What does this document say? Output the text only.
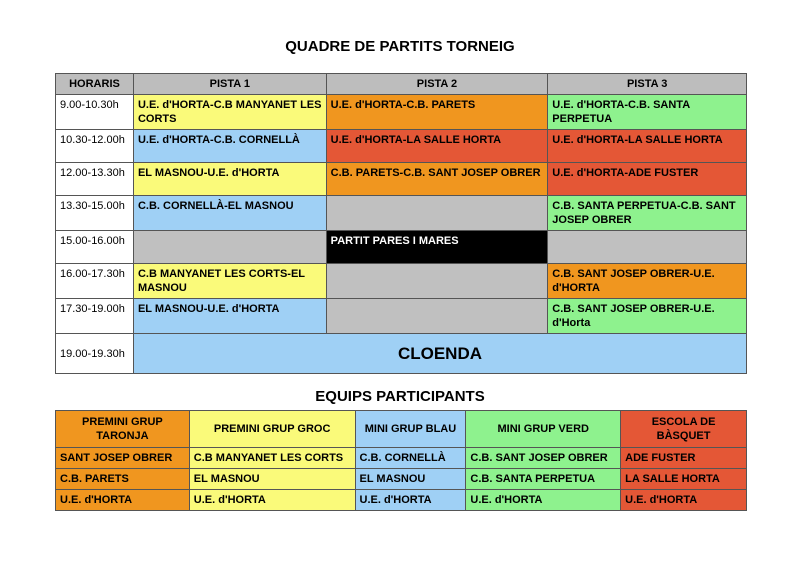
QUADRE DE PARTITS TORNEIG
HORARIS	PISTA 1	PISTA 2	PISTA 3
9.00-10.30h	U.E. d'HORTA-C.B MANYANET LES CORTS	U.E. d'HORTA-C.B. PARETS	U.E. d'HORTA-C.B. SANTA PERPETUA
10.30-12.00h	U.E. d'HORTA-C.B. CORNELLÀ	U.E. d'HORTA-LA SALLE HORTA	U.E. d'HORTA-LA SALLE HORTA
12.00-13.30h	EL MASNOU-U.E. d'HORTA	C.B. PARETS-C.B. SANT JOSEP OBRER	U.E. d'HORTA-ADE FUSTER
13.30-15.00h	C.B. CORNELLÀ-EL MASNOU		C.B. SANTA PERPETUA-C.B. SANT JOSEP OBRER
15.00-16.00h		PARTIT PARES I MARES	
16.00-17.30h	C.B MANYANET LES CORTS-EL MASNOU		C.B. SANT JOSEP OBRER-U.E. d'HORTA
17.30-19.00h	EL MASNOU-U.E. d'HORTA		C.B. SANT JOSEP OBRER-U.E. d'Horta
19.00-19.30h	CLOENDA		
EQUIPS PARTICIPANTS
PREMINI GRUP TARONJA	PREMINI GRUP GROC	MINI GRUP BLAU	MINI GRUP VERD	ESCOLA DE BÀSQUET
SANT JOSEP OBRER	C.B MANYANET LES CORTS	C.B. CORNELLÀ	C.B. SANT JOSEP OBRER	ADE FUSTER
C.B. PARETS	EL MASNOU	EL MASNOU	C.B. SANTA PERPETUA	LA SALLE HORTA
U.E. d'HORTA	U.E. d'HORTA	U.E. d'HORTA	U.E. d'HORTA	U.E. d'HORTA
